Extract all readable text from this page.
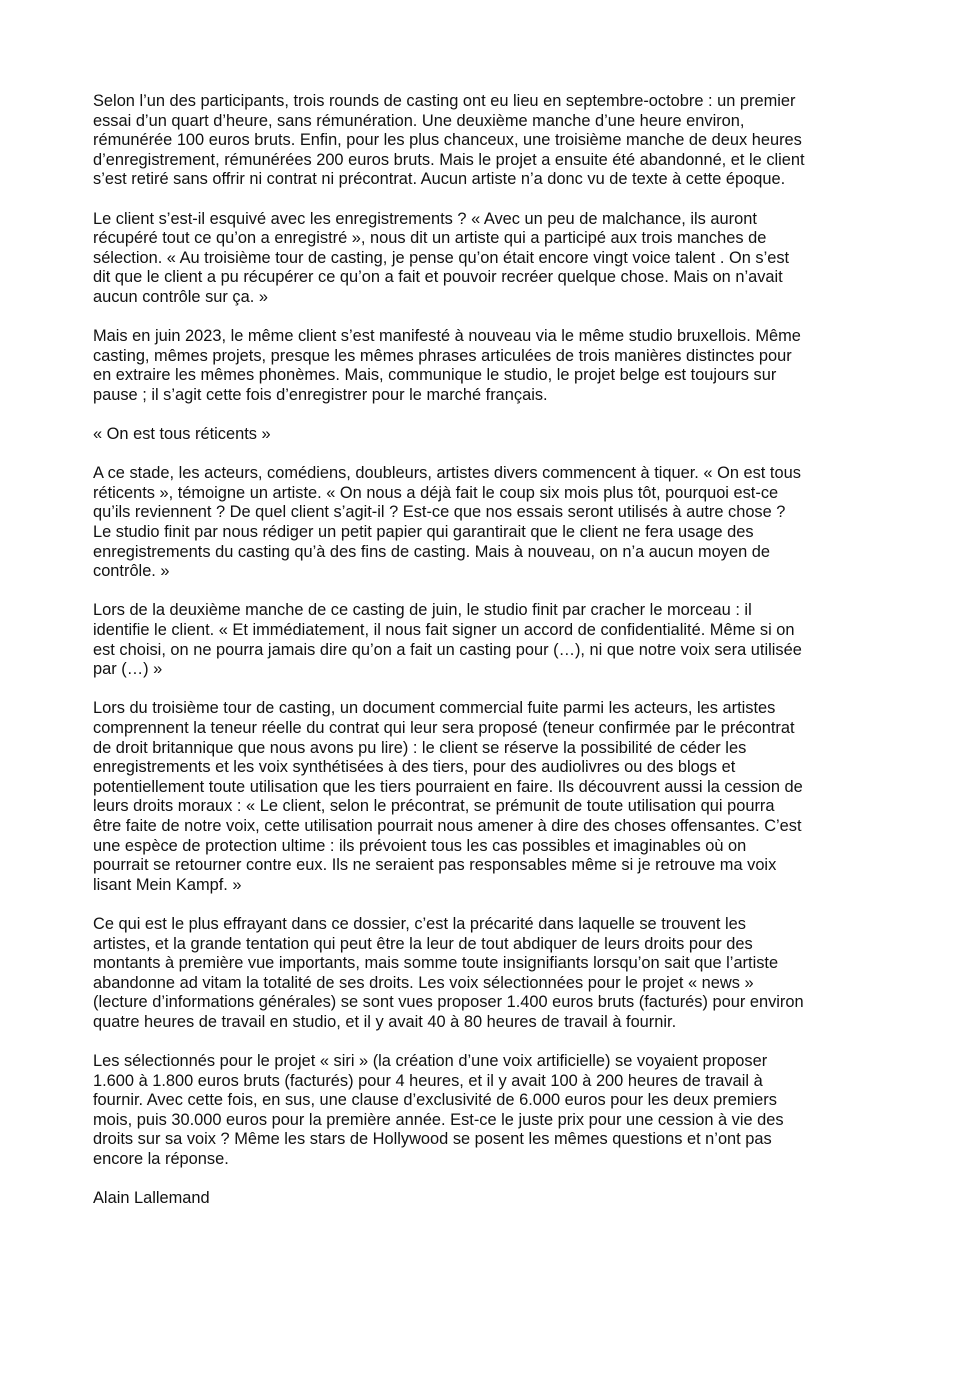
Selon l’un des participants, trois rounds de casting ont eu lieu en septembre-octobre : un premier
essai d’un quart d’heure, sans rémunération. Une deuxième manche d’une heure environ,
rémunérée 100 euros bruts. Enfin, pour les plus chanceux, une troisième manche de deux heures
d’enregistrement, rémunérées 200 euros bruts. Mais le projet a ensuite été abandonné, et le client
s’est retiré sans offrir ni contrat ni précontrat. Aucun artiste n’a donc vu de texte à cette époque.

Le client s’est-il esquivé avec les enregistrements ? « Avec un peu de malchance, ils auront
récupéré tout ce qu’on a enregistré », nous dit un artiste qui a participé aux trois manches de
sélection. « Au troisième tour de casting, je pense qu’on était encore vingt voice talent . On s’est
dit que le client a pu récupérer ce qu’on a fait et pouvoir recréer quelque chose. Mais on n’avait
aucun contrôle sur ça. »

Mais en juin 2023, le même client s’est manifesté à nouveau via le même studio bruxellois. Même
casting, mêmes projets, presque les mêmes phrases articulées de trois manières distinctes pour
en extraire les mêmes phonèmes. Mais, communique le studio, le projet belge est toujours sur
pause ; il s’agit cette fois d’enregistrer pour le marché français.

« On est tous réticents »

A ce stade, les acteurs, comédiens, doubleurs, artistes divers commencent à tiquer. « On est tous
réticents », témoigne un artiste. « On nous a déjà fait le coup six mois plus tôt, pourquoi est-ce
qu’ils reviennent ? De quel client s’agit-il ? Est-ce que nos essais seront utilisés à autre chose ?
Le studio finit par nous rédiger un petit papier qui garantirait que le client ne fera usage des
enregistrements du casting qu’à des fins de casting. Mais à nouveau, on n’a aucun moyen de
contrôle. »

Lors de la deuxième manche de ce casting de juin, le studio finit par cracher le morceau : il
identifie le client. « Et immédiatement, il nous fait signer un accord de confidentialité. Même si on
est choisi, on ne pourra jamais dire qu’on a fait un casting pour (…), ni que notre voix sera utilisée
par (…) »

Lors du troisième tour de casting, un document commercial fuite parmi les acteurs, les artistes
comprennent la teneur réelle du contrat qui leur sera proposé (teneur confirmée par le précontrat
de droit britannique que nous avons pu lire) : le client se réserve la possibilité de céder les
enregistrements et les voix synthétisées à des tiers, pour des audiolivres ou des blogs et
potentiellement toute utilisation que les tiers pourraient en faire. Ils découvrent aussi la cession de
leurs droits moraux : « Le client, selon le précontrat, se prémunit de toute utilisation qui pourra
être faite de notre voix, cette utilisation pourrait nous amener à dire des choses offensantes. C’est
une espèce de protection ultime : ils prévoient tous les cas possibles et imaginables où on
pourrait se retourner contre eux. Ils ne seraient pas responsables même si je retrouve ma voix
lisant Mein Kampf. »

Ce qui est le plus effrayant dans ce dossier, c’est la précarité dans laquelle se trouvent les
artistes, et la grande tentation qui peut être la leur de tout abdiquer de leurs droits pour des
montants à première vue importants, mais somme toute insignifiants lorsqu’on sait que l’artiste
abandonne ad vitam la totalité de ses droits. Les voix sélectionnées pour le projet « news »
(lecture d’informations générales) se sont vues proposer 1.400 euros bruts (facturés) pour environ
quatre heures de travail en studio, et il y avait 40 à 80 heures de travail à fournir.

Les sélectionnés pour le projet « siri » (la création d’une voix artificielle) se voyaient proposer
1.600 à 1.800 euros bruts (facturés) pour 4 heures, et il y avait 100 à 200 heures de travail à
fournir. Avec cette fois, en sus, une clause d’exclusivité de 6.000 euros pour les deux premiers
mois, puis 30.000 euros pour la première année. Est-ce le juste prix pour une cession à vie des
droits sur sa voix ? Même les stars de Hollywood se posent les mêmes questions et n’ont pas
encore la réponse.

Alain Lallemand
